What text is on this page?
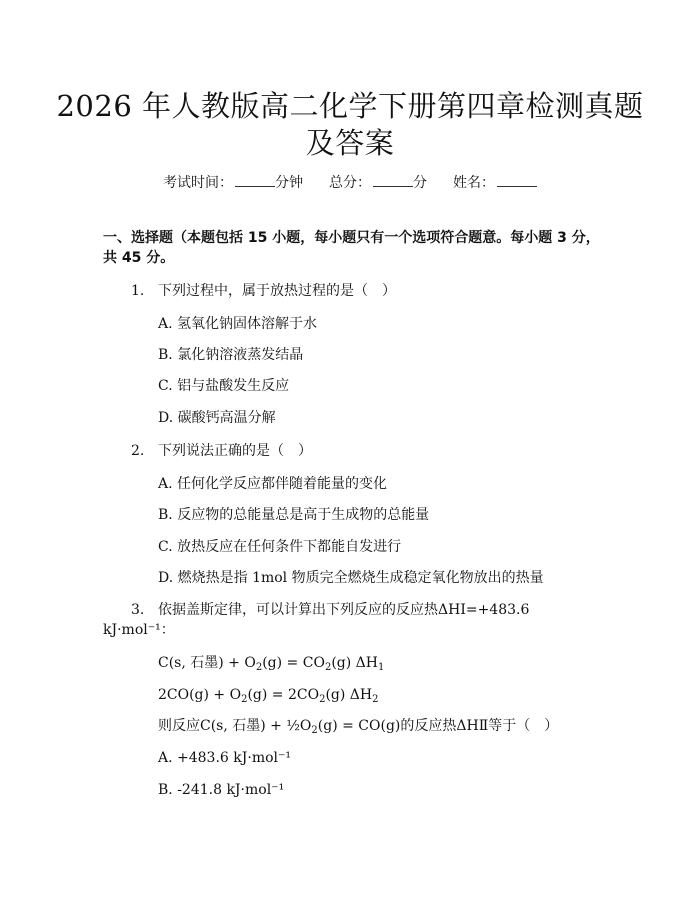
2026 年人教版高二化学下册第四章检测真题
及答案
考试时间：	分钟 总分：	分 姓名：
一、选择题（本题包括 15 小题，每小题只有一个选项符合题意。每小题 3 分，共 45 分。
1. 下列过程中，属于放热过程的是（　）
A. 氢氧化钠固体溶解于水
B. 氯化钠溶液蒸发结晶
C. 铝与盐酸发生反应
D. 碳酸钙高温分解
2. 下列说法正确的是（　）
A. 任何化学反应都伴随着能量的变化
B. 反应物的总能量总是高于生成物的总能量
C. 放热反应在任何条件下都能自发进行
D. 燃烧热是指 1mol 物质完全燃烧生成稳定氧化物放出的热量
3. 依据盖斯定律，可以计算出下列反应的反应热ΔHⅠ=+483.6
kJ·mol⁻¹：
C(s, 石墨) + $O_2(g) = CO_2(g)$ $\Delta H_1$
$2CO(g) + O_2(g) = 2CO_2(g)$ $\Delta H_2$
则反应C(s, 石墨) + $\frac{1}{2}O_2(g) = CO(g)$的反应热ΔHⅡ等于（　）
A. +483.6 kJ·mol⁻¹
B. -241.8 kJ·mol⁻¹
